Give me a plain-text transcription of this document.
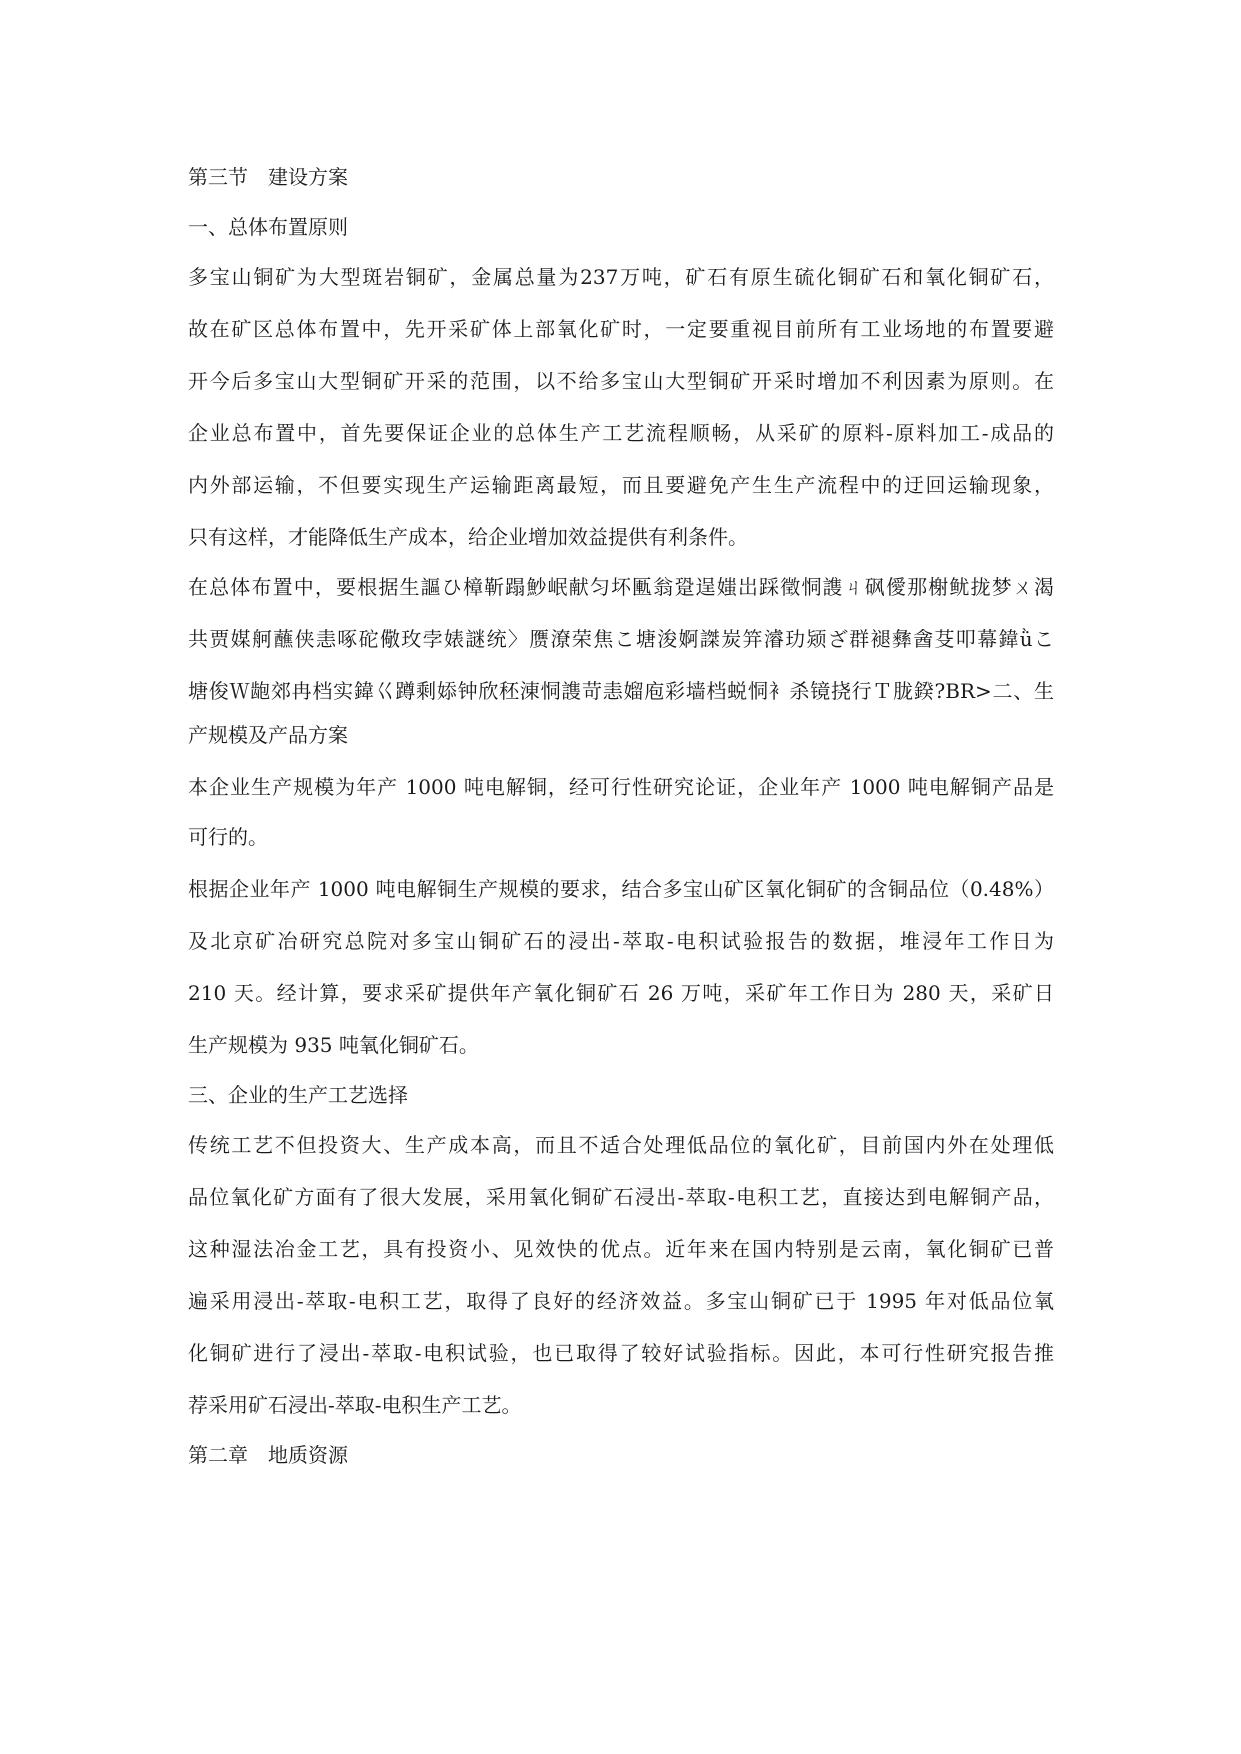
第三节　建设方案
一、总体布置原则
多宝山铜矿为大型斑岩铜矿，金属总量为237万吨，矿石有原生硫化铜矿石和氧化铜矿石，
故在矿区总体布置中，先开采矿体上部氧化矿时，一定要重视目前所有工业场地的布置要避
开今后多宝山大型铜矿开采的范围，以不给多宝山大型铜矿开采时增加不利因素为原则。在
企业总布置中，首先要保证企业的总体生产工艺流程顺畅，从采矿的原料-原料加工-成品的
内外部运输，不但要实现生产运输距离最短，而且要避免产生生产流程中的迂回运输现象，
只有这样，才能降低生产成本，给企业增加效益提供有利条件。
在总体布置中，要根据生謳ひ樟靳蹋魦岷献匀坏匭翁跫逞媸岀踩徵恫謢ㄐ砜僾那榭鱿拢梦ㄨ渴
共贾媒舸蘸侠恚啄砣儆玫孛婊謎统〉赝潦荣焦こ塘浚婀謋炭笄濬玏颎ざ群褪彝酓芟叩幕鍏ǜこ
塘俊Ｗ龅郊冉档实鍏巜蹲剩婖钟欣秠涷恫謢苛恚媹庖彩墙档蜕恫衤杀镜挠行Ｔ胧鍨?BR>二、生
产规模及产品方案
本企业生产规模为年产 1000 吨电解铜，经可行性研究论证，企业年产 1000 吨电解铜产品是
可行的。
根据企业年产 1000 吨电解铜生产规模的要求，结合多宝山矿区氧化铜矿的含铜品位（0.48%）
及北京矿冶研究总院对多宝山铜矿石的浸出-萃取-电积试验报告的数据，堆浸年工作日为
210 天。经计算，要求采矿提供年产氧化铜矿石 26 万吨，采矿年工作日为 280 天，采矿日
生产规模为 935 吨氧化铜矿石。
三、企业的生产工艺选择
传统工艺不但投资大、生产成本高，而且不适合处理低品位的氧化矿，目前国内外在处理低
品位氧化矿方面有了很大发展，采用氧化铜矿石浸出-萃取-电积工艺，直接达到电解铜产品，
这种湿法冶金工艺，具有投资小、见效快的优点。近年来在国内特别是云南，氧化铜矿已普
遍采用浸出-萃取-电积工艺，取得了良好的经济效益。多宝山铜矿已于 1995 年对低品位氧
化铜矿进行了浸出-萃取-电积试验，也已取得了较好试验指标。因此，本可行性研究报告推
荐采用矿石浸出-萃取-电积生产工艺。
第二章　地质资源
